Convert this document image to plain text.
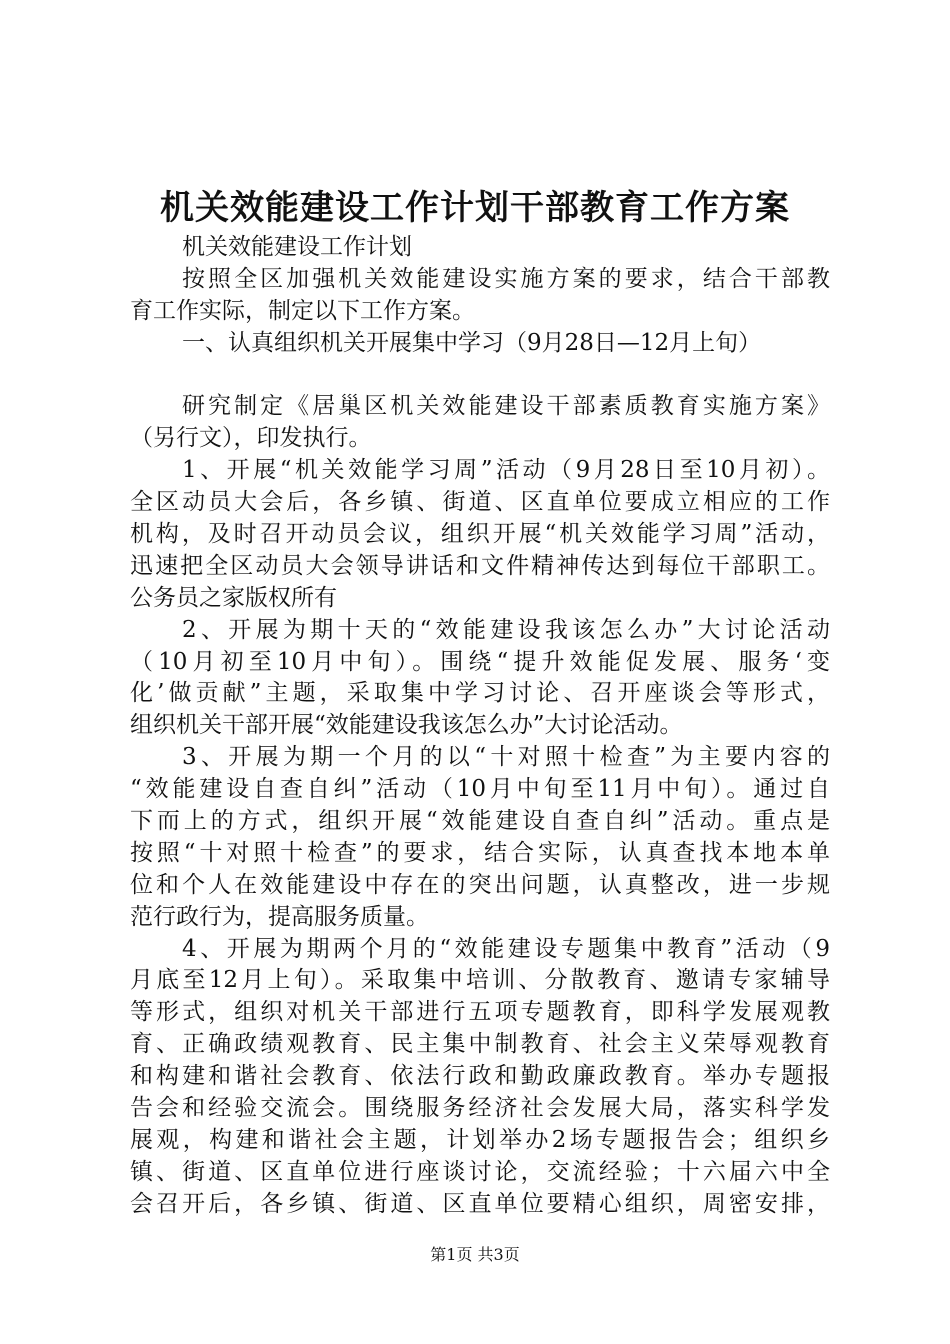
机关效能建设工作计划干部教育工作方案
机关效能建设工作计划
按照全区加强机关效能建设实施方案的要求，结合干部教
育工作实际，制定以下工作方案。
一、认真组织机关开展集中学习（9月28日—12月上旬）
研究制定《居巢区机关效能建设干部素质教育实施方案》
（另行文），印发执行。
1、开展“机关效能学习周”活动（9月28日至10月初）。
全区动员大会后，各乡镇、街道、区直单位要成立相应的工作
机构，及时召开动员会议，组织开展“机关效能学习周”活动，
迅速把全区动员大会领导讲话和文件精神传达到每位干部职工。
公务员之家版权所有
2、开展为期十天的“效能建设我该怎么办”大讨论活动
（10月初至10月中旬）。围绕“提升效能促发展、服务‘变
化’做贡献”主题，采取集中学习讨论、召开座谈会等形式，
组织机关干部开展“效能建设我该怎么办”大讨论活动。
3、开展为期一个月的以“十对照十检查”为主要内容的
“效能建设自查自纠”活动（10月中旬至11月中旬）。通过自
下而上的方式，组织开展“效能建设自查自纠”活动。重点是
按照“十对照十检查”的要求，结合实际，认真查找本地本单
位和个人在效能建设中存在的突出问题，认真整改，进一步规
范行政行为，提高服务质量。
4、开展为期两个月的“效能建设专题集中教育”活动（9
月底至12月上旬）。采取集中培训、分散教育、邀请专家辅导
等形式，组织对机关干部进行五项专题教育，即科学发展观教
育、正确政绩观教育、民主集中制教育、社会主义荣辱观教育
和构建和谐社会教育、依法行政和勤政廉政教育。举办专题报
告会和经验交流会。围绕服务经济社会发展大局，落实科学发
展观，构建和谐社会主题，计划举办2场专题报告会；组织乡
镇、街道、区直单位进行座谈讨论，交流经验；十六届六中全
会召开后，各乡镇、街道、区直单位要精心组织，周密安排，

第1页 共3页
